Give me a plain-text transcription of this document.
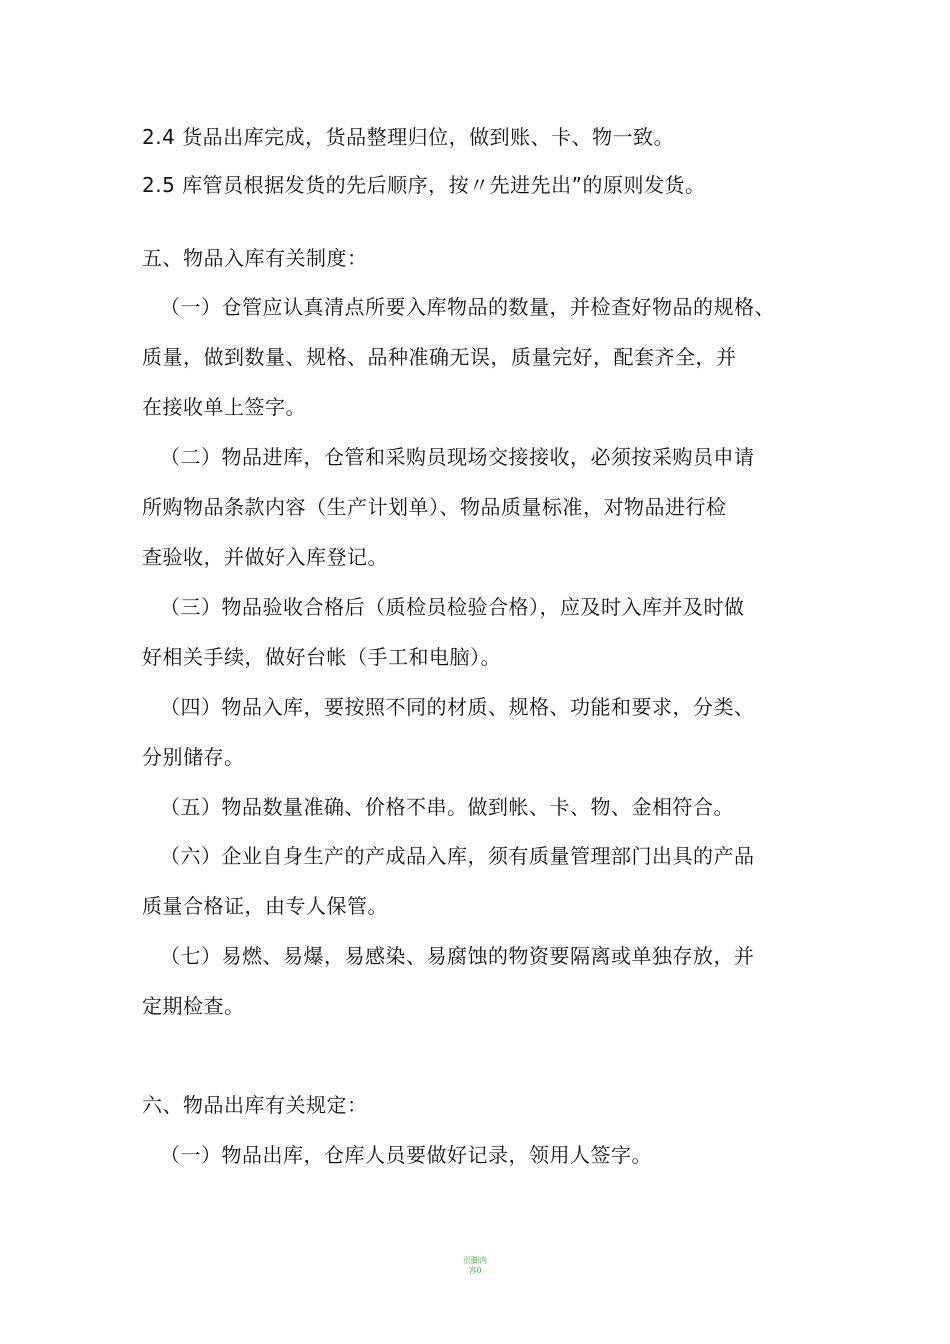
2.4 货品出库完成，货品整理归位，做到账、卡、物一致。
2.5 库管员根据发货的先后顺序，按〃先进先出”的原则发货。
五、物品入库有关制度：
（一）仓管应认真清点所要入库物品的数量，并检查好物品的规格、
质量，做到数量、规格、品种准确无误，质量完好，配套齐全，并
在接收单上签字。
（二）物品进库，仓管和采购员现场交接接收，必须按采购员申请
所购物品条款内容（生产计划单）、物品质量标准，对物品进行检
查验收，并做好入库登记。
（三）物品验收合格后（质检员检验合格），应及时入库并及时做
好相关手续，做好台帐（手工和电脑）。
（四）物品入库，要按照不同的材质、规格、功能和要求，分类、
分别储存。
（五）物品数量准确、价格不串。做到帐、卡、物、金相符合。
（六）企业自身生产的产成品入库，须有质量管理部门出具的产品
质量合格证，由专人保管。
（七）易燃、易爆，易感染、易腐蚀的物资要隔离或单独存放，并
定期检查。
六、物品出库有关规定：
（一）物品出库，仓库人员要做好记录，领用人签字。
页脚内
容0
